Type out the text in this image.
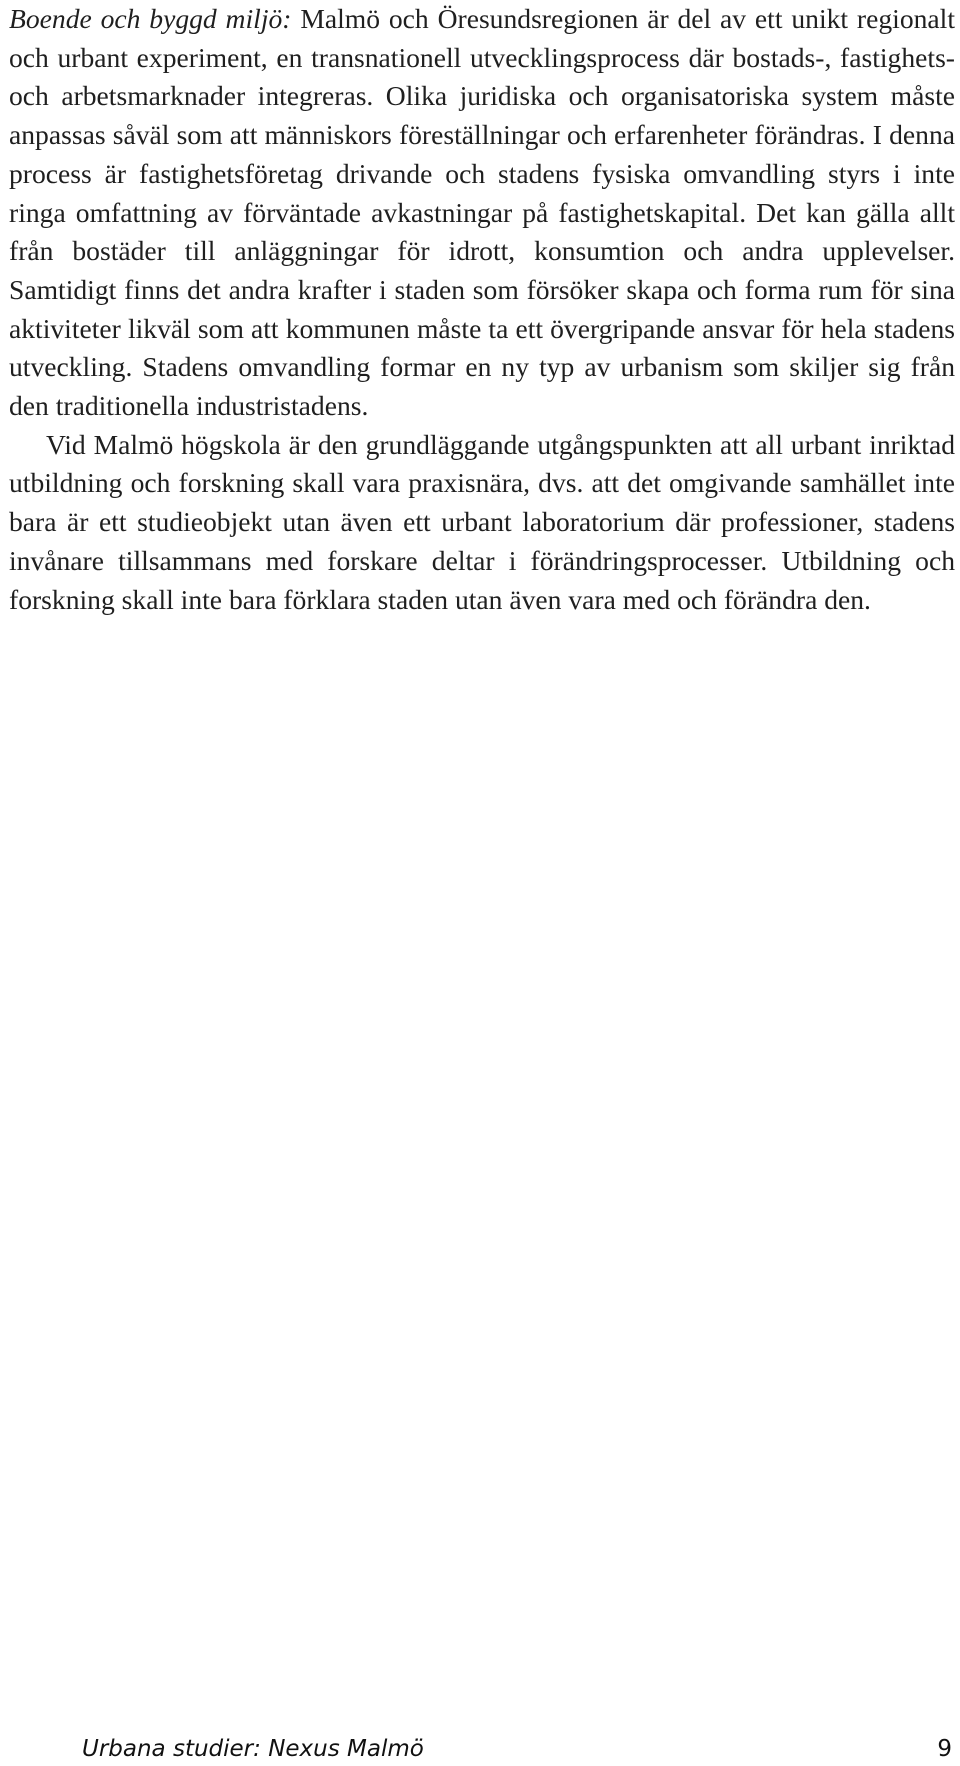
Boende och byggd miljö: Malmö och Öresundsregionen är del av ett unikt regionalt och urbant experiment, en transnationell utvecklingsprocess där bostads-, fastighets- och arbetsmarknader integreras. Olika juridiska och organisatoriska system måste anpassas såväl som att människors föreställningar och erfarenheter förändras. I denna process är fastighetsföretag drivande och stadens fysiska omvandling styrs i inte ringa omfattning av förväntade avkastningar på fastighetskapital. Det kan gälla allt från bostäder till anläggningar för idrott, konsumtion och andra upplevelser. Samtidigt finns det andra krafter i staden som försöker skapa och forma rum för sina aktiviteter likväl som att kommunen måste ta ett övergripande ansvar för hela stadens utveckling. Stadens omvandling formar en ny typ av urbanism som skiljer sig från den traditionella industristadens.

Vid Malmö högskola är den grundläggande utgångspunkten att all urbant inriktad utbildning och forskning skall vara praxisnära, dvs. att det omgivande samhället inte bara är ett studieobjekt utan även ett urbant laboratorium där professioner, stadens invånare tillsammans med forskare deltar i förändringsprocesser. Utbildning och forskning skall inte bara förklara staden utan även vara med och förändra den.

Urbana studier: Nexus Malmö	9
